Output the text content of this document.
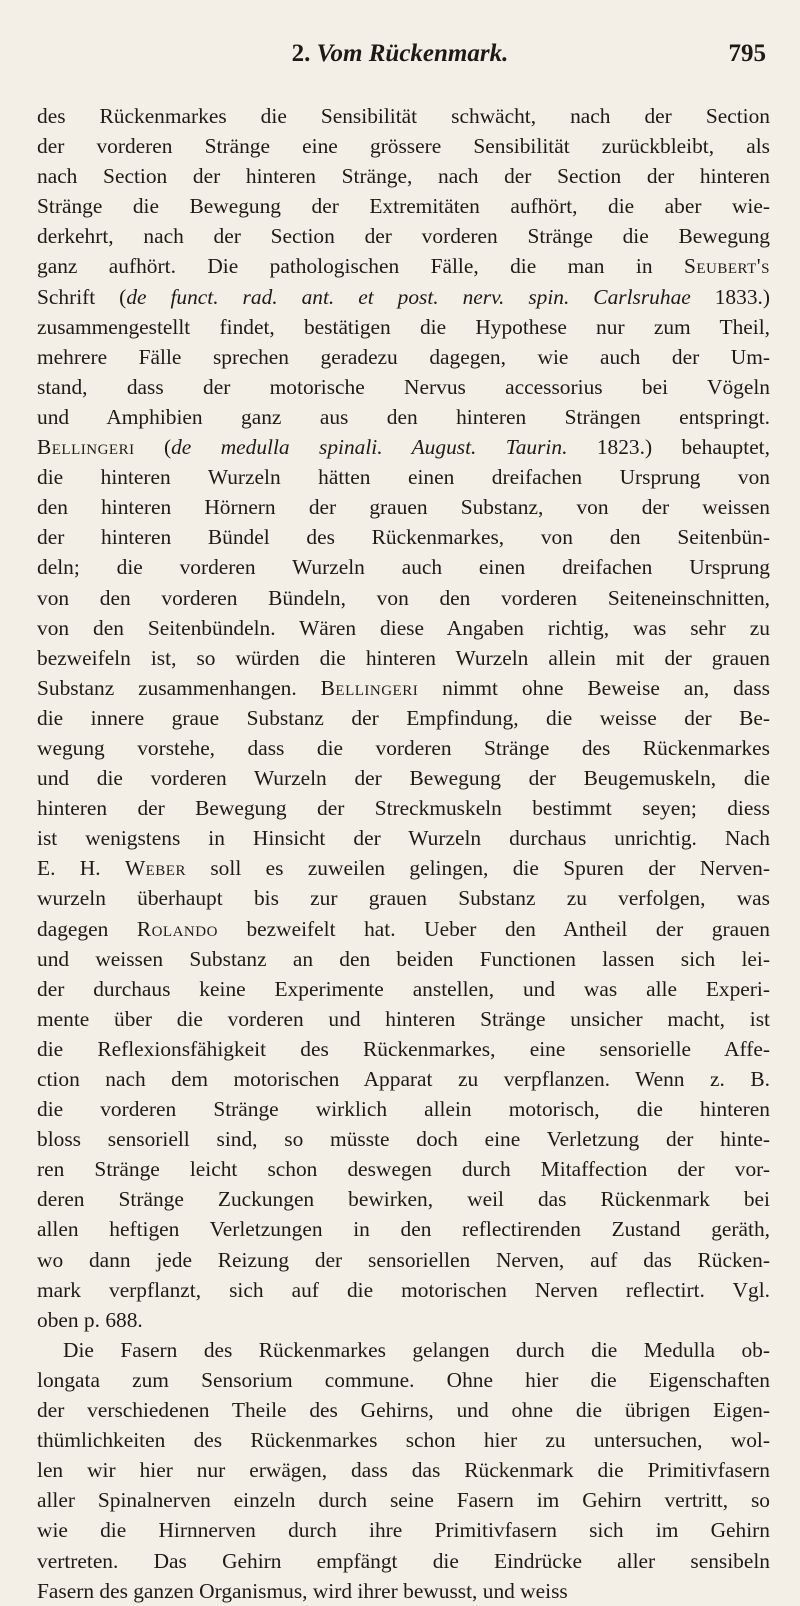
2. Vom Rückenmark.	795
des Rückenmarkes die Sensibilität schwächt, nach der Section
der vorderen Stränge eine grössere Sensibilität zurückbleibt, als
nach Section der hinteren Stränge, nach der Section der hinteren
Stränge die Bewegung der Extremitäten aufhört, die aber wie-
derkehrt, nach der Section der vorderen Stränge die Bewegung
ganz aufhört. Die pathologischen Fälle, die man in Seubert's
Schrift (de funct. rad. ant. et post. nerv. spin. Carlsruhae 1833.)
zusammengestellt findet, bestätigen die Hypothese nur zum Theil,
mehrere Fälle sprechen geradezu dagegen, wie auch der Um-
stand, dass der motorische Nervus accessorius bei Vögeln
und Amphibien ganz aus den hinteren Strängen entspringt.
Bellingeri (de medulla spinali. August. Taurin. 1823.) behauptet,
die hinteren Wurzeln hätten einen dreifachen Ursprung von
den hinteren Hörnern der grauen Substanz, von der weissen
der hinteren Bündel des Rückenmarkes, von den Seitenbün-
deln; die vorderen Wurzeln auch einen dreifachen Ursprung
von den vorderen Bündeln, von den vorderen Seiteneinschnitten,
von den Seitenbündeln. Wären diese Angaben richtig, was sehr zu
bezweifeln ist, so würden die hinteren Wurzeln allein mit der grauen
Substanz zusammenhangen. Bellingeri nimmt ohne Beweise an, dass
die innere graue Substanz der Empfindung, die weisse der Be-
wegung vorstehe, dass die vorderen Stränge des Rückenmarkes
und die vorderen Wurzeln der Bewegung der Beugemuskeln, die
hinteren der Bewegung der Streckmuskeln bestimmt seyen; diess
ist wenigstens in Hinsicht der Wurzeln durchaus unrichtig. Nach
E. H. Weber soll es zuweilen gelingen, die Spuren der Nerven-
wurzeln überhaupt bis zur grauen Substanz zu verfolgen, was
dagegen Rolando bezweifelt hat. Ueber den Antheil der grauen
und weissen Substanz an den beiden Functionen lassen sich lei-
der durchaus keine Experimente anstellen, und was alle Experi-
mente über die vorderen und hinteren Stränge unsicher macht, ist
die Reflexionsfähigkeit des Rückenmarkes, eine sensorielle Affe-
ction nach dem motorischen Apparat zu verpflanzen. Wenn z. B.
die vorderen Stränge wirklich allein motorisch, die hinteren
bloss sensoriell sind, so müsste doch eine Verletzung der hinte-
ren Stränge leicht schon deswegen durch Mitaffection der vor-
deren Stränge Zuckungen bewirken, weil das Rückenmark bei
allen heftigen Verletzungen in den reflectirenden Zustand geräth,
wo dann jede Reizung der sensoriellen Nerven, auf das Rücken-
mark verpflanzt, sich auf die motorischen Nerven reflectirt. Vgl.
oben p. 688.
Die Fasern des Rückenmarkes gelangen durch die Medulla ob-
longata zum Sensorium commune. Ohne hier die Eigenschaften
der verschiedenen Theile des Gehirns, und ohne die übrigen Eigen-
thümlichkeiten des Rückenmarkes schon hier zu untersuchen, wol-
len wir hier nur erwägen, dass das Rückenmark die Primitivfasern
aller Spinalnerven einzeln durch seine Fasern im Gehirn vertritt, so
wie die Hirnnerven durch ihre Primitivfasern sich im Gehirn
vertreten. Das Gehirn empfängt die Eindrücke aller sensibeln
Fasern des ganzen Organismus, wird ihrer bewusst, und weiss
